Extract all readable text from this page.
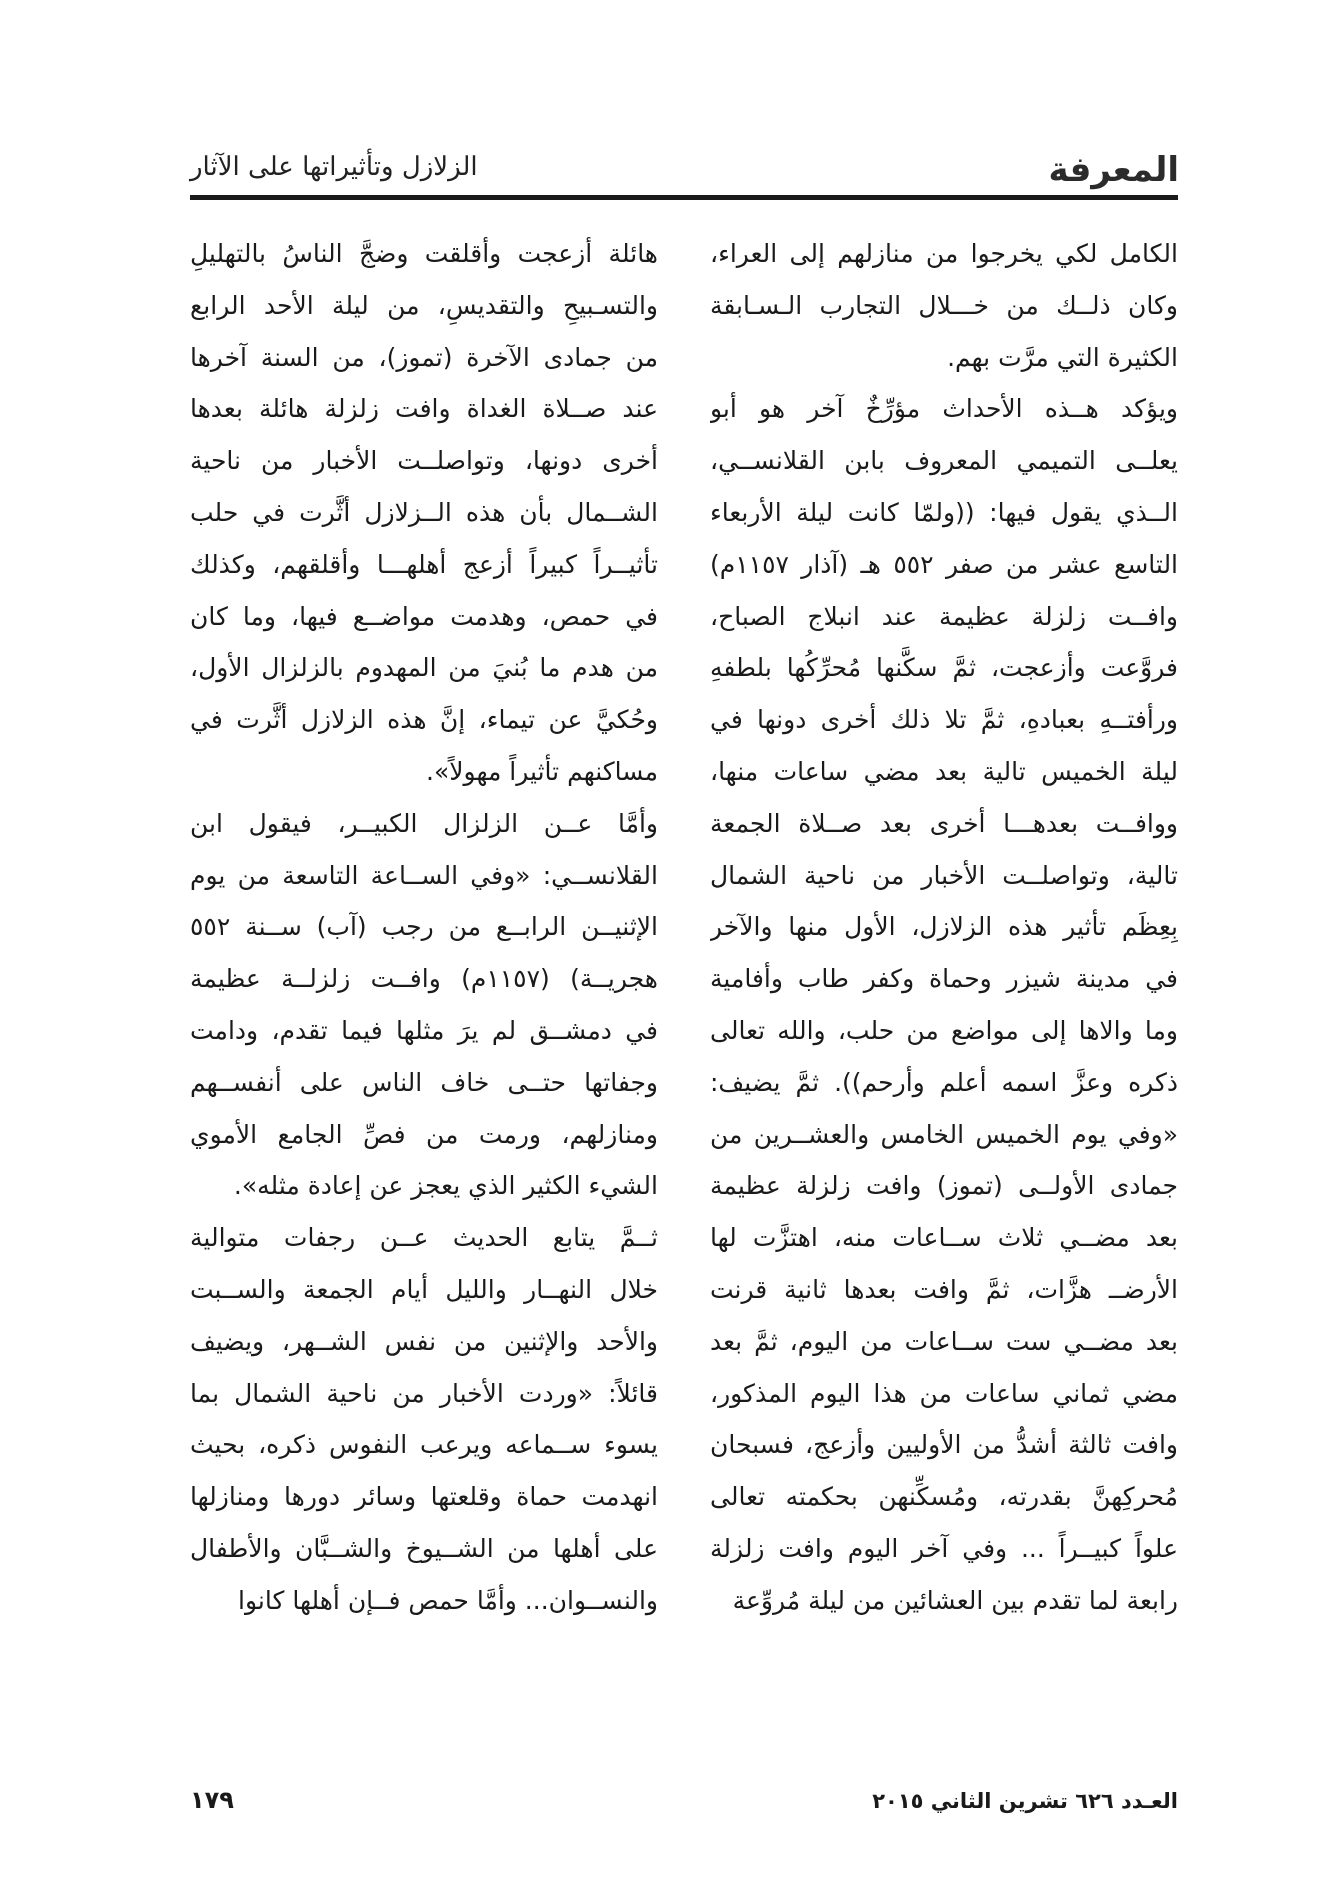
المعرفة
الزلازل وتأثيراتها على الآثار
الكامل لكي يخرجوا من منازلهم إلى العراء،
وكان ذلــك من خـــلال التجارب الـسـابقة
الكثيرة التي مرَّت بهم.
ويؤكد هــذه الأحداث مؤرِّخٌ آخر هو أبو
يعلــى التميمي المعروف بابن القلانســي،
الــذي يقول فيها: ((ولمّا كانت ليلة الأربعاء
التاسع عشر من صفر ٥٥٢ هـ (آذار ١١٥٧م)
وافــت زلزلة عظيمة عند انبلاج الصباح،
فروَّعت وأزعجت، ثمَّ سكَّنها مُحرِّكُها بلطفهِ
ورأفتــهِ بعبادهِ، ثمَّ تلا ذلك أخرى دونها في
ليلة الخميس تالية بعد مضي ساعات منها،
ووافــت بعدهـــا أخرى بعد صــلاة الجمعة
تالية، وتواصلــت الأخبار من ناحية الشمال
بِعِظَم تأثير هذه الزلازل، الأول منها والآخر
في مدينة شيزر وحماة وكفر طاب وأفامية
وما والاها إلى مواضع من حلب، والله تعالى
ذكره وعزَّ اسمه أعلم وأرحم)). ثمَّ يضيف:
«وفي يوم الخميس الخامس والعشــرين من
جمادى الأولــى (تموز) وافت زلزلة عظيمة
بعد مضــي ثلاث ســاعات منه، اهتزَّت لها
الأرضــ هزَّات، ثمَّ وافت بعدها ثانية قرنت
بعد مضــي ست ســاعات من اليوم، ثمَّ بعد
مضي ثماني ساعات من هذا اليوم المذكور،
وافت ثالثة أشدُّ من الأوليين وأزعج، فسبحان
مُحركِهنَّ بقدرته، ومُسكِّنهن بحكمته تعالى
علواً كبيــراً ... وفي آخر اليوم وافت زلزلة
رابعة لما تقدم بين العشائين من ليلة مُروِّعة
هائلة أزعجت وأقلقت وضجَّ الناسُ بالتهليلِ
والتسـبيحِ والتقديسِ، من ليلة الأحد الرابع
من جمادى الآخرة (تموز)، من السنة آخرها
عند صــلاة الغداة وافت زلزلة هائلة بعدها
أخرى دونها، وتواصلــت الأخبار من ناحية
الشــمال بأن هذه الــزلازل أثَّرت في حلب
تأثيــراً كبيراً أزعج أهلهـــا وأقلقهم، وكذلك
في حمص، وهدمت مواضــع فيها، وما كان
من هدم ما بُنيَ من المهدوم بالزلزال الأول،
وحُكيَّ عن تيماء، إنَّ هذه الزلازل أثَّرت في
مساكنهم تأثيراً مهولاً».
وأمَّا عــن الزلزال الكبيــر، فيقول ابن
القلانســي: «وفي الســاعة التاسعة من يوم
الإثنيــن الرابــع من رجب (آب) ســنة ٥٥٢
هجريــة) (١١٥٧م) وافــت زلزلــة عظيمة
في دمشــق لم يرَ مثلها فيما تقدم، ودامت
وجفاتها حتــى خاف الناس على أنفســهم
ومنازلهم، ورمت من فصِّ الجامع الأموي
الشيء الكثير الذي يعجز عن إعادة مثله».
ثــمَّ يتابع الحديث عــن رجفات متوالية
خلال النهــار والليل أيام الجمعة والســبت
والأحد والإثنين من نفس الشــهر، ويضيف
قائلاً: «وردت الأخبار من ناحية الشمال بما
يسوء ســماعه ويرعب النفوس ذكره، بحيث
انهدمت حماة وقلعتها وسائر دورها ومنازلها
على أهلها من الشــيوخ والشــبَّان والأطفال
والنســوان... وأمَّا حمص فــإن أهلها كانوا
العـدد ٦٢٦ تشرين الثاني ٢٠١٥
١٧٩
